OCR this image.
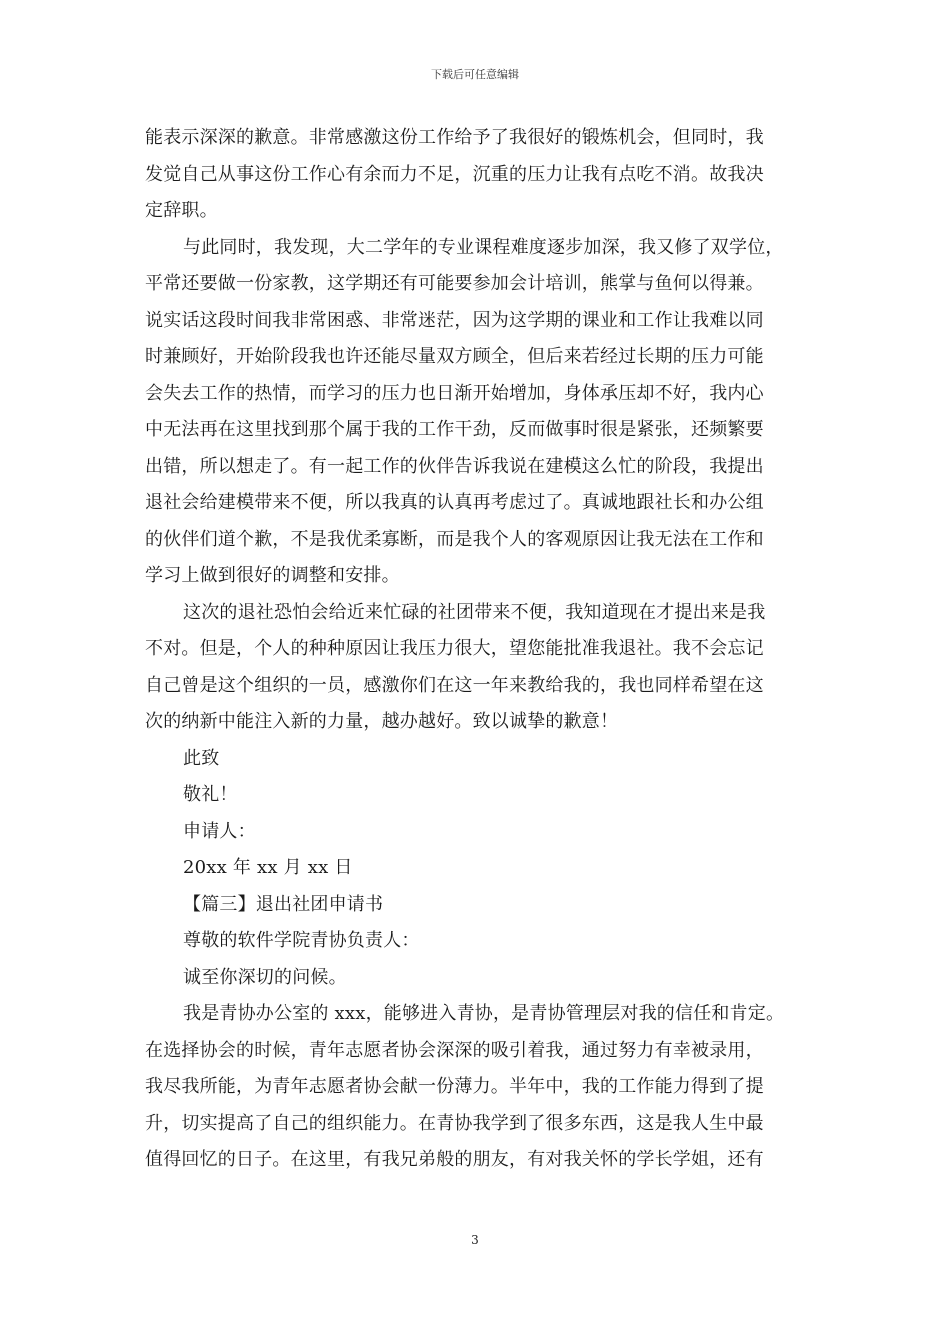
下载后可任意编辑
能表示深深的歉意。非常感激这份工作给予了我很好的锻炼机会，但同时，我
发觉自己从事这份工作心有余而力不足，沉重的压力让我有点吃不消。故我决
定辞职。
与此同时，我发现，大二学年的专业课程难度逐步加深，我又修了双学位，
平常还要做一份家教，这学期还有可能要参加会计培训，熊掌与鱼何以得兼。
说实话这段时间我非常困惑、非常迷茫，因为这学期的课业和工作让我难以同
时兼顾好，开始阶段我也许还能尽量双方顾全，但后来若经过长期的压力可能
会失去工作的热情，而学习的压力也日渐开始增加，身体承压却不好，我内心
中无法再在这里找到那个属于我的工作干劲，反而做事时很是紧张，还频繁要
出错，所以想走了。有一起工作的伙伴告诉我说在建模这么忙的阶段，我提出
退社会给建模带来不便，所以我真的认真再考虑过了。真诚地跟社长和办公组
的伙伴们道个歉，不是我优柔寡断，而是我个人的客观原因让我无法在工作和
学习上做到很好的调整和安排。
这次的退社恐怕会给近来忙碌的社团带来不便，我知道现在才提出来是我
不对。但是，个人的种种原因让我压力很大，望您能批准我退社。我不会忘记
自己曾是这个组织的一员，感激你们在这一年来教给我的，我也同样希望在这
次的纳新中能注入新的力量，越办越好。致以诚挚的歉意！
此致
敬礼！
申请人：
20xx 年 xx 月 xx 日
【篇三】退出社团申请书
尊敬的软件学院青协负责人：
诚至你深切的问候。
我是青协办公室的 xxx，能够进入青协，是青协管理层对我的信任和肯定。
在选择协会的时候，青年志愿者协会深深的吸引着我，通过努力有幸被录用，
我尽我所能，为青年志愿者协会献一份薄力。半年中，我的工作能力得到了提
升，切实提高了自己的组织能力。在青协我学到了很多东西，这是我人生中最
值得回忆的日子。在这里，有我兄弟般的朋友，有对我关怀的学长学姐，还有
3
